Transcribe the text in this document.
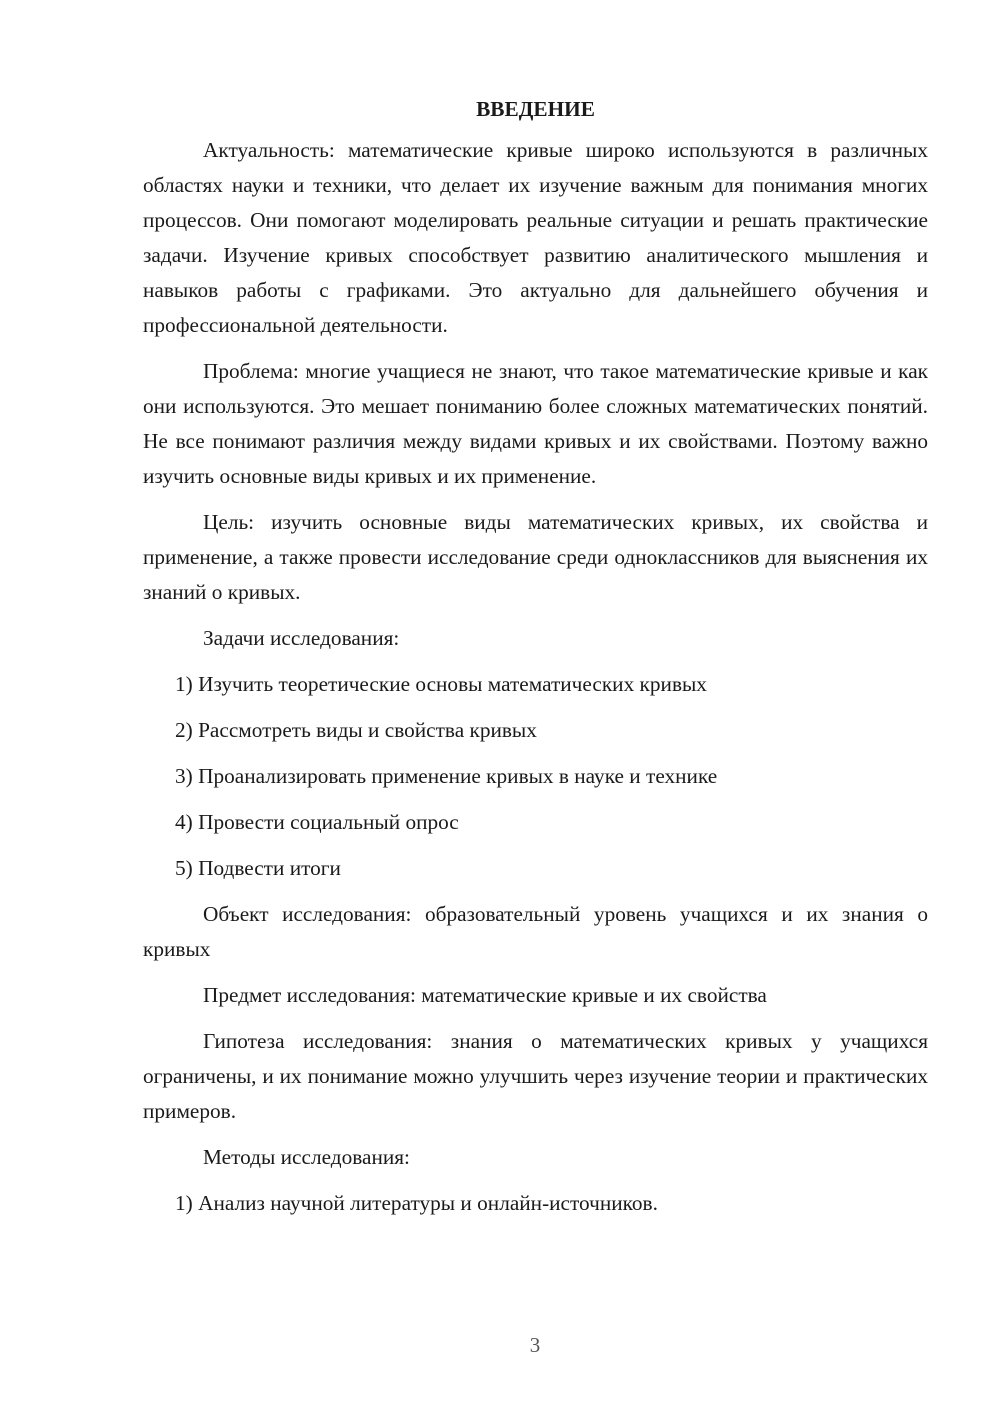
ВВЕДЕНИЕ

Актуальность: математические кривые широко используются в различных областях науки и техники, что делает их изучение важным для понимания многих процессов. Они помогают моделировать реальные ситуации и решать практические задачи. Изучение кривых способствует развитию аналитического мышления и навыков работы с графиками. Это актуально для дальнейшего обучения и профессиональной деятельности.

Проблема: многие учащиеся не знают, что такое математические кривые и как они используются. Это мешает пониманию более сложных математических понятий. Не все понимают различия между видами кривых и их свойствами. Поэтому важно изучить основные виды кривых и их применение.

Цель: изучить основные виды математических кривых, их свойства и применение, а также провести исследование среди одноклассников для выяснения их знаний о кривых.

Задачи исследования:
1) Изучить теоретические основы математических кривых
2) Рассмотреть виды и свойства кривых
3) Проанализировать применение кривых в науке и технике
4) Провести социальный опрос
5) Подвести итоги

Объект исследования: образовательный уровень учащихся и их знания о кривых

Предмет исследования: математические кривые и их свойства

Гипотеза исследования: знания о математических кривых у учащихся ограничены, и их понимание можно улучшить через изучение теории и практических примеров.

Методы исследования:
1) Анализ научной литературы и онлайн-источников.
3
